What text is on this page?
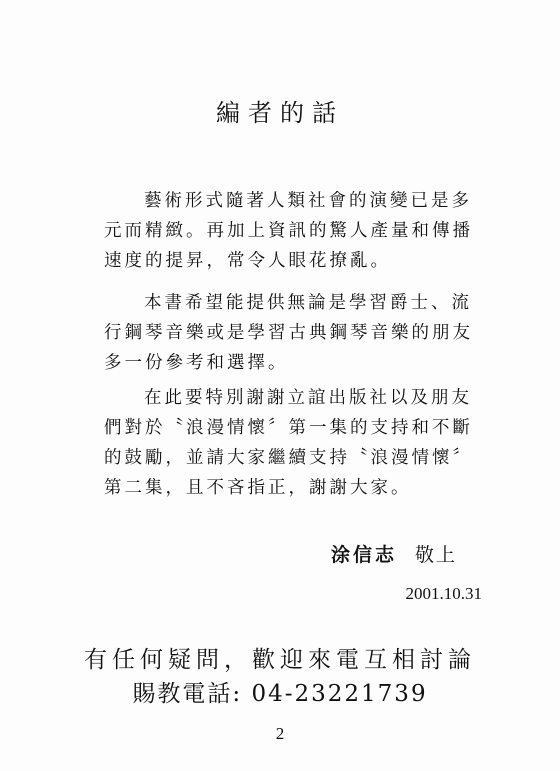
編者的話

藝術形式隨著人類社會的演變已是多元而精緻。再加上資訊的驚人產量和傳播速度的提昇，常令人眼花撩亂。

本書希望能提供無論是學習爵士、流行鋼琴音樂或是學習古典鋼琴音樂的朋友多一份參考和選擇。

在此要特別謝謝立誼出版社以及朋友們對於〝浪漫情懷〞第一集的支持和不斷的鼓勵，並請大家繼續支持〝浪漫情懷〞第二集，且不吝指正，謝謝大家。

涂信志 敬上
2001.10.31
有任何疑問，歡迎來電互相討論
賜教電話: 04-23221739
2
